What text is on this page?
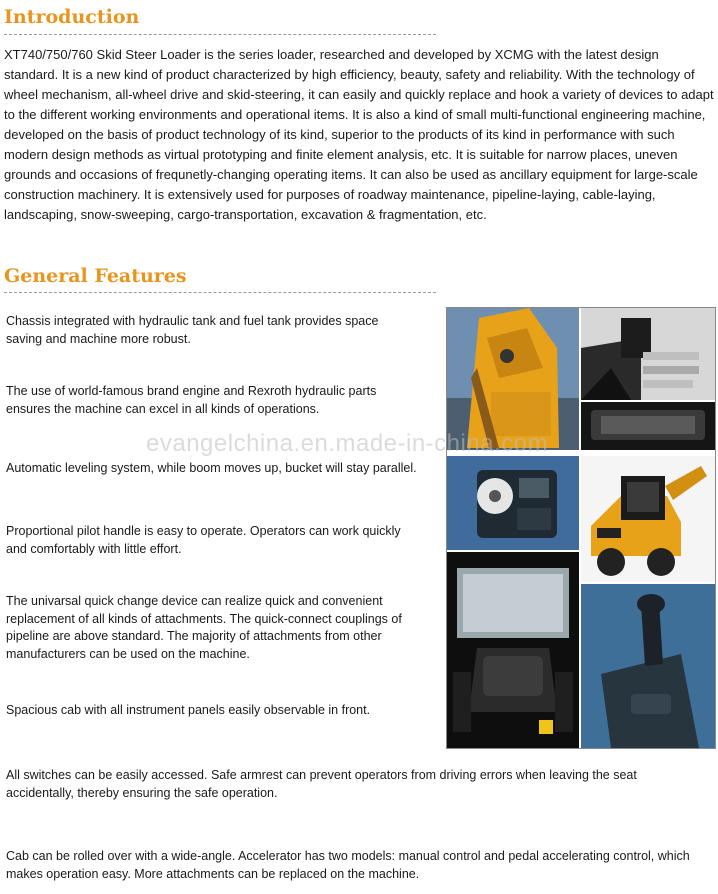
Introduction

XT740/750/760 Skid Steer Loader is the series loader, researched and developed by XCMG with the latest design standard. It is a new kind of product characterized by high efficiency, beauty, safety and reliability. With the technology of wheel mechanism, all-wheel drive and skid-steering, it can easily and quickly replace and hook a variety of devices to adapt to the different working environments and operational items. It is also a kind of small multi-functional engineering machine, developed on the basis of product technology of its kind, superior to the products of its kind in performance with such modern design methods as virtual prototyping and finite element analysis, etc. It is suitable for narrow places, uneven grounds and occasions of frequnetly-changing operating items. It can also be used as ancillary equipment for large-scale construction machinery. It is extensively used for purposes of roadway maintenance, pipeline-laying, cable-laying, landscaping, snow-sweeping, cargo-transportation, excavation & fragmentation, etc.

General Features

Chassis integrated with hydraulic tank and fuel tank provides space saving and machine more robust.

The use of world-famous brand engine and Rexroth hydraulic parts ensures the machine can excel in all kinds of operations.

Automatic leveling system, while boom moves up, bucket will stay parallel.

Proportional pilot handle is easy to operate. Operators can work quickly and comfortably with little effort.

The univarsal quick change device can realize quick and convenient replacement of all kinds of attachments. The quick-connect couplings of pipeline are above standard. The majority of attachments from other manufacturers can be used on the machine.

Spacious cab with all instrument panels easily observable in front.

All switches can be easily accessed. Safe armrest can prevent operators from driving errors when leaving the seat accidentally, thereby ensuring the safe operation.

Cab can be rolled over with a wide-angle. Accelerator has two models: manual control and pedal accelerating control, which makes operation easy. More attachments can be replaced on the machine.

evangelchina.en.made-in-china.com
